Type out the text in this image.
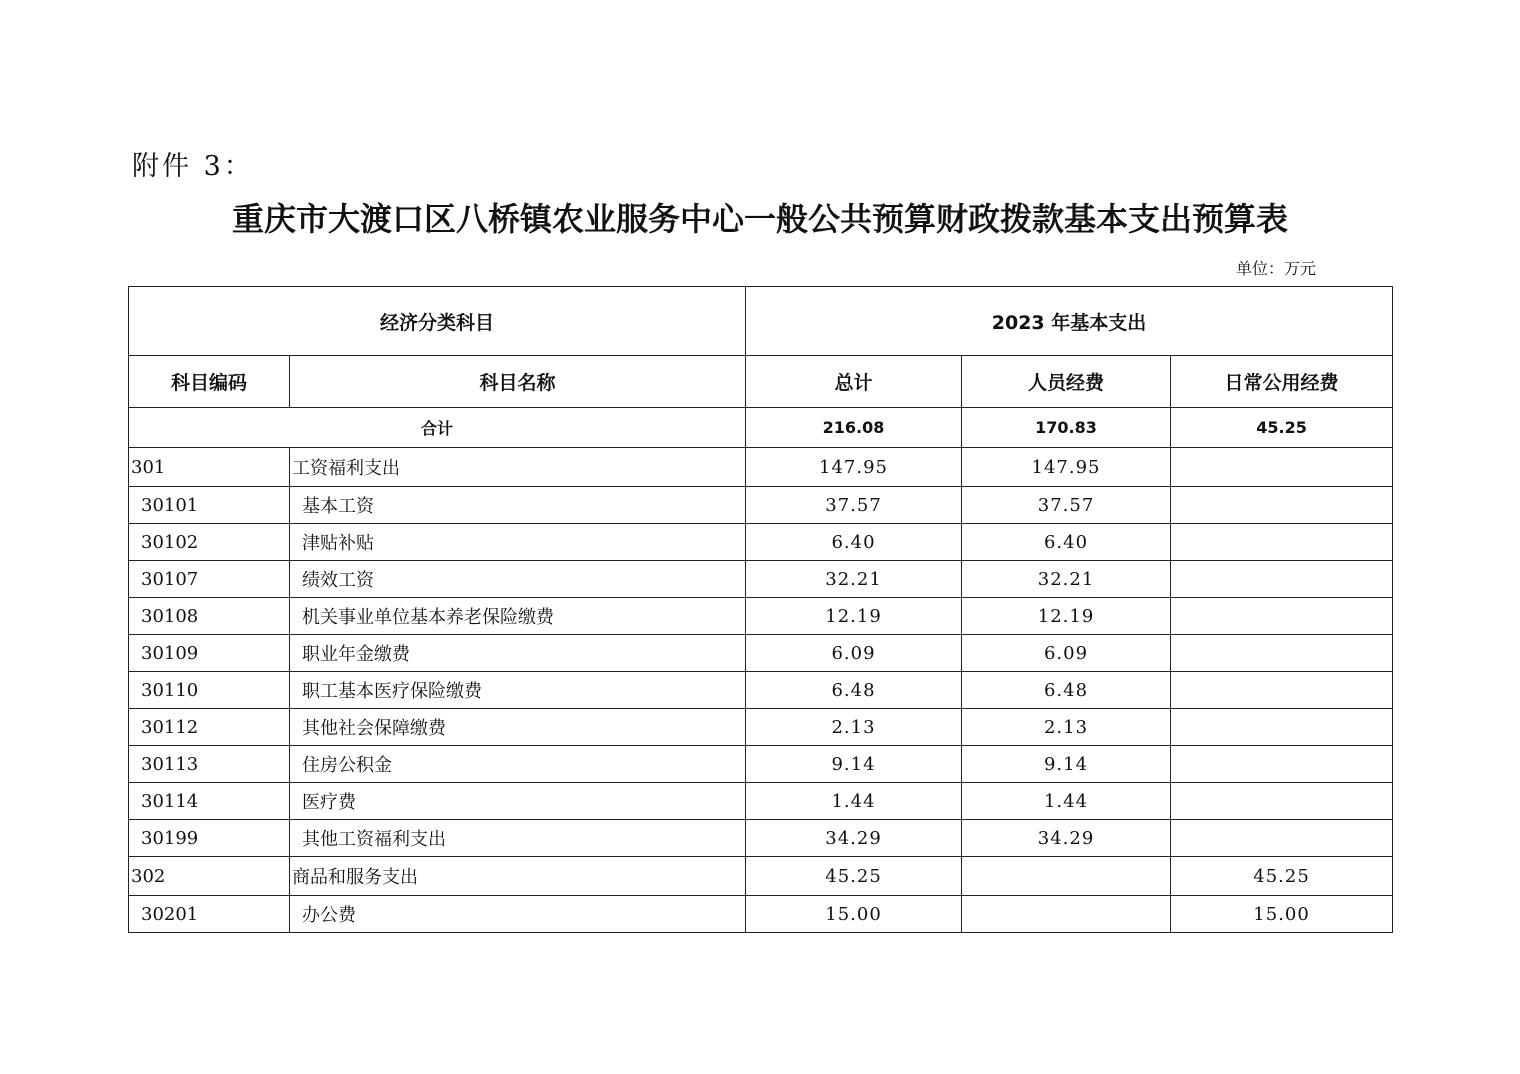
附件 3：
重庆市大渡口区八桥镇农业服务中心一般公共预算财政拨款基本支出预算表
单位：万元
经济分类科目		2023 年基本支出		
科目编码	科目名称	总计	人员经费	日常公用经费
合计		216.08	170.83	45.25
301	工资福利支出	147.95	147.95	
30101	基本工资	37.57	37.57	
30102	津贴补贴	6.40	6.40	
30107	绩效工资	32.21	32.21	
30108	机关事业单位基本养老保险缴费	12.19	12.19	
30109	职业年金缴费	6.09	6.09	
30110	职工基本医疗保险缴费	6.48	6.48	
30112	其他社会保障缴费	2.13	2.13	
30113	住房公积金	9.14	9.14	
30114	医疗费	1.44	1.44	
30199	其他工资福利支出	34.29	34.29	
302	商品和服务支出	45.25		45.25
30201	办公费	15.00		15.00
